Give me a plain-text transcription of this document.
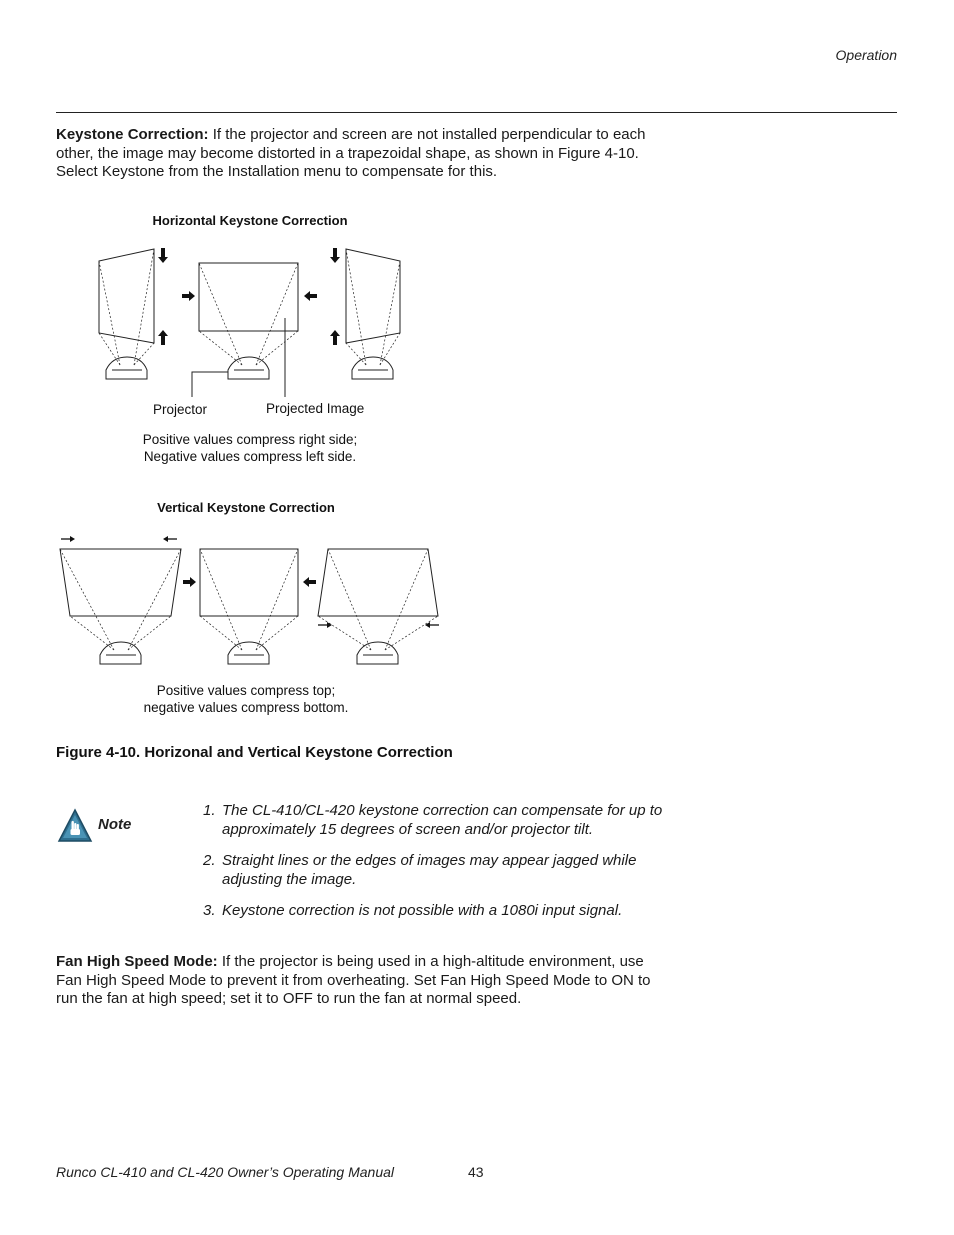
Operation
Keystone Correction: If the projector and screen are not installed perpendicular to each other, the image may become distorted in a trapezoidal shape, as shown in Figure 4-10. Select Keystone from the Installation menu to compensate for this.
Horizontal Keystone Correction
Projector	Projected Image
Positive values compress right side;
Negative values compress left side.
Vertical Keystone Correction
Positive values compress top;
negative values compress bottom.
Figure 4-10. Horizonal and Vertical Keystone Correction
Note
1. The CL-410/CL-420 keystone correction can compensate for up to approximately 15 degrees of screen and/or projector tilt.
2. Straight lines or the edges of images may appear jagged while adjusting the image.
3. Keystone correction is not possible with a 1080i input signal.
Fan High Speed Mode: If the projector is being used in a high-altitude environment, use Fan High Speed Mode to prevent it from overheating. Set Fan High Speed Mode to ON to run the fan at high speed; set it to OFF to run the fan at normal speed.
Runco CL-410 and CL-420 Owner’s Operating Manual	43
